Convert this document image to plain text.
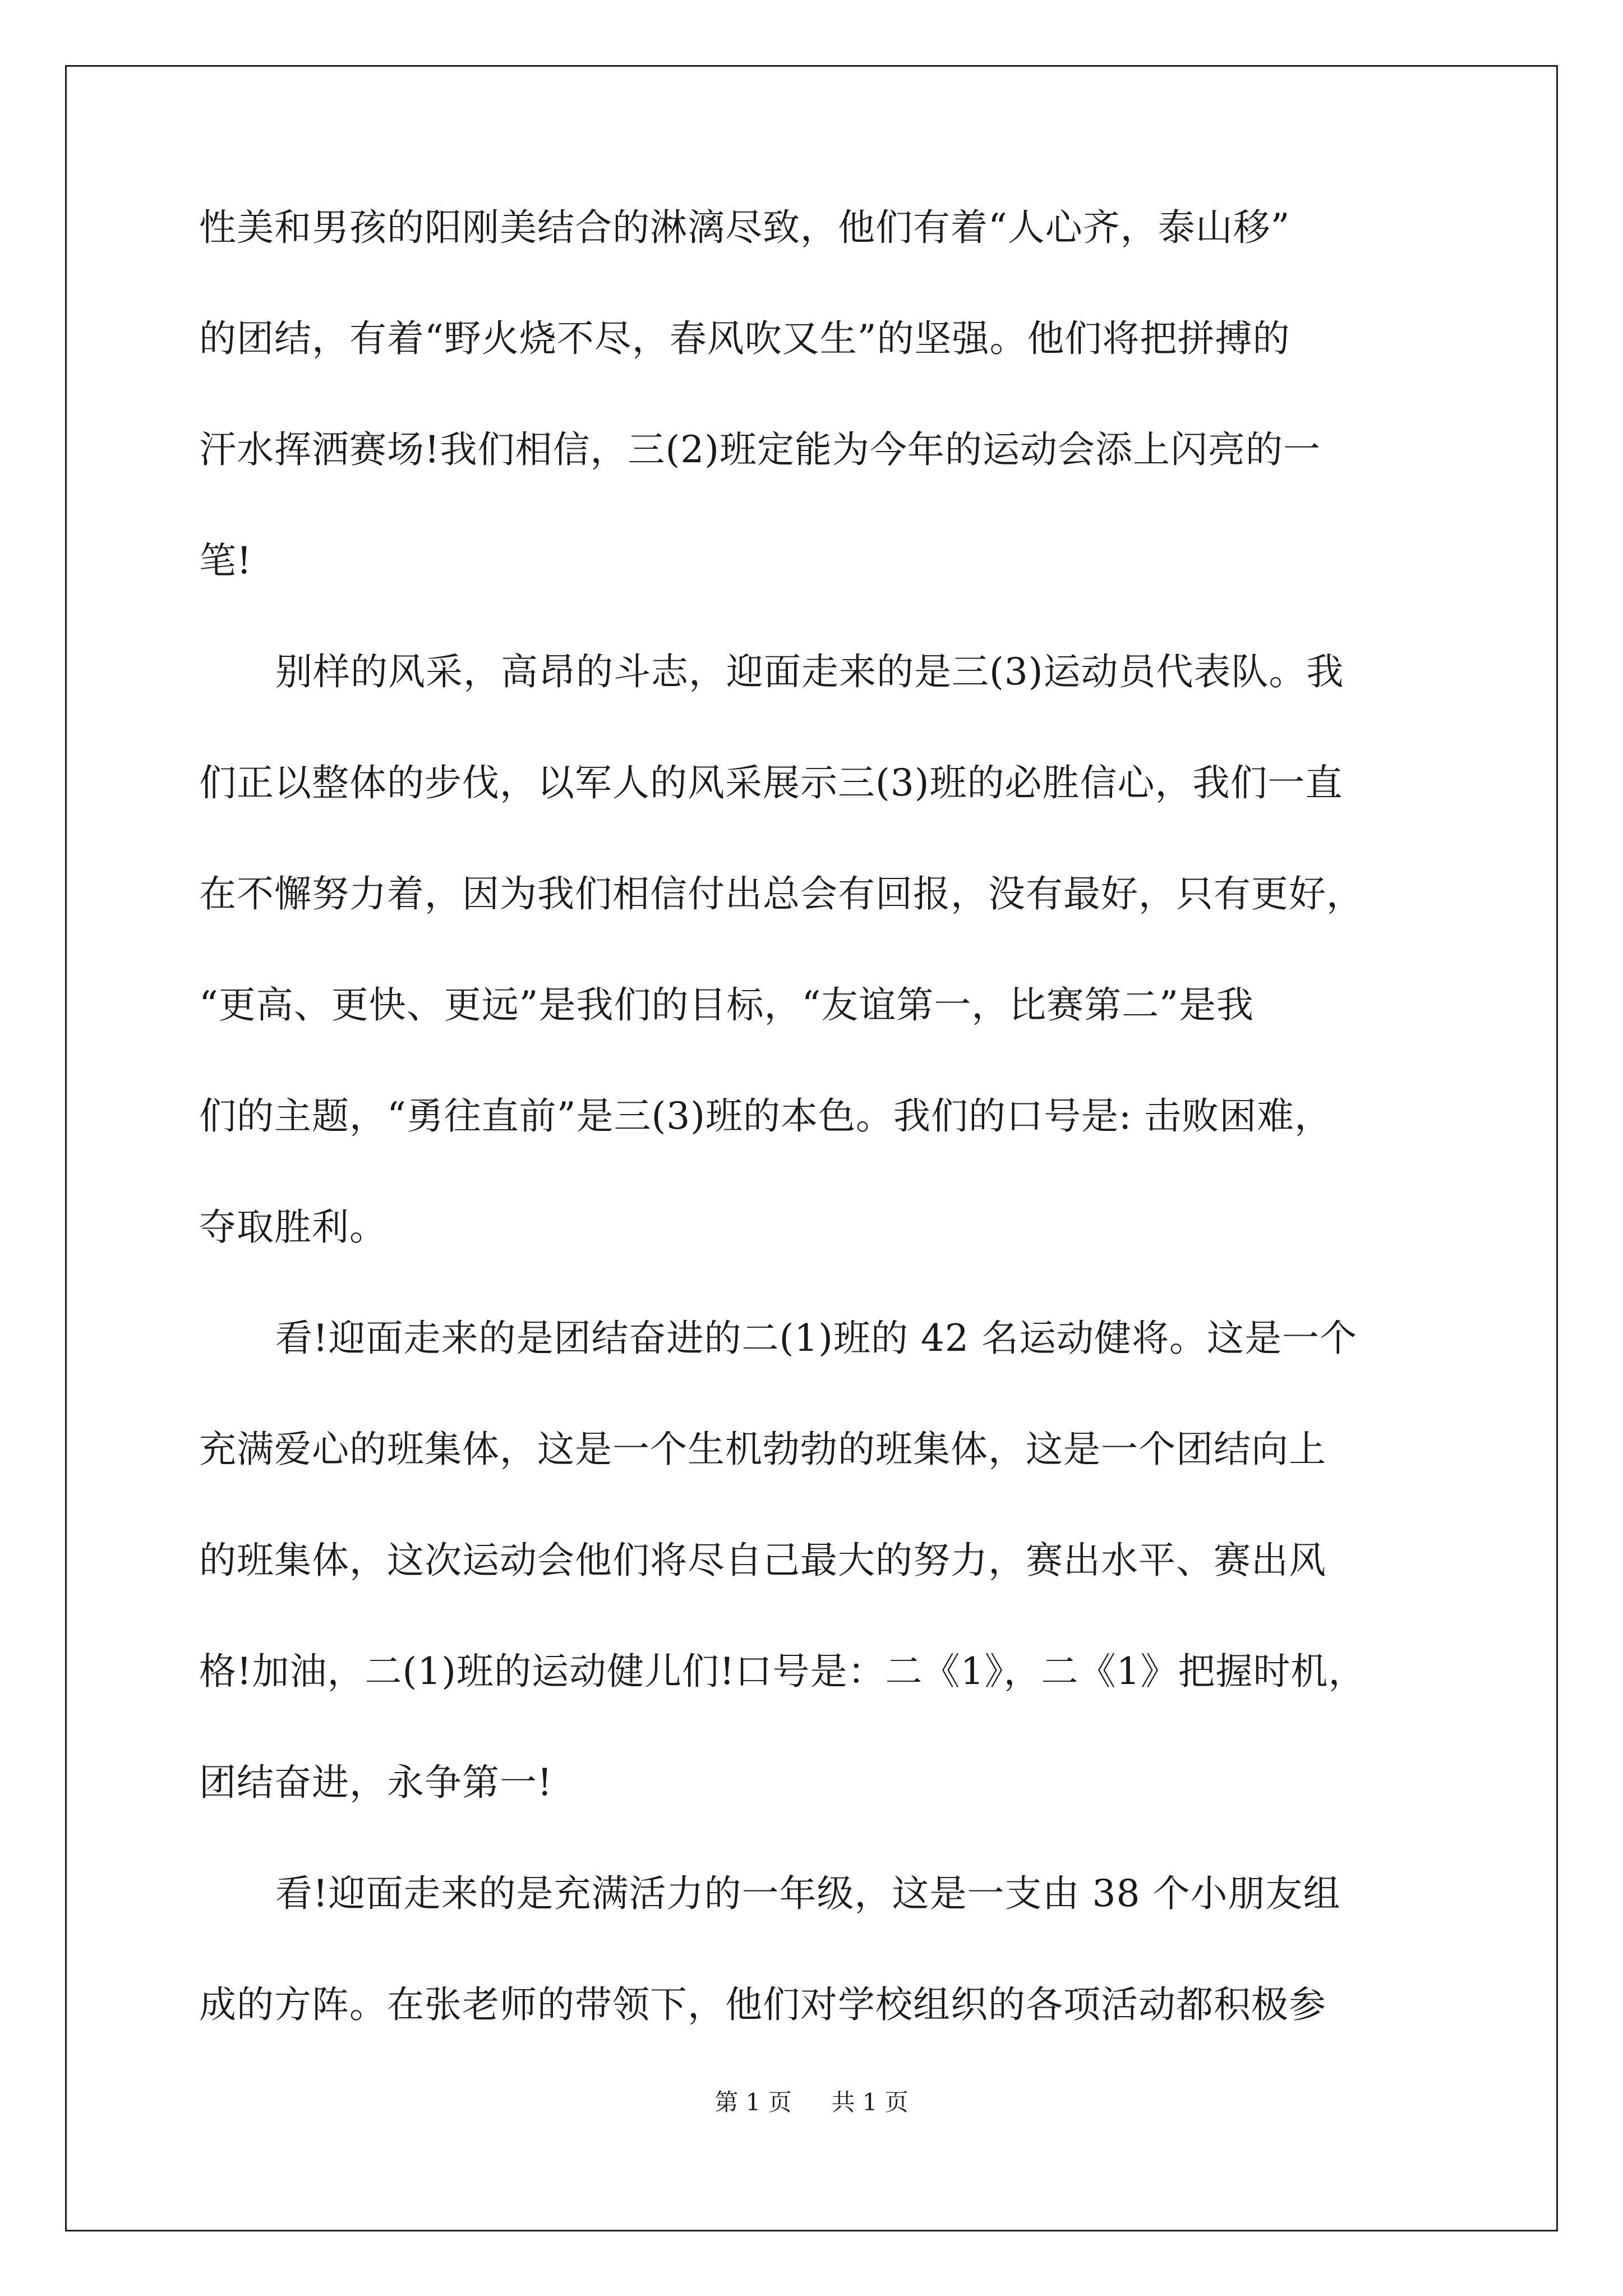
性美和男孩的阳刚美结合的淋漓尽致，他们有着“人心齐，泰山移”
的团结，有着“野火烧不尽，春风吹又生”的坚强。他们将把拼搏的
汗水挥洒赛场!我们相信，三(2)班定能为今年的运动会添上闪亮的一
笔!
别样的风采，高昂的斗志，迎面走来的是三(3)运动员代表队。我
们正以整体的步伐，以军人的风采展示三(3)班的必胜信心，我们一直
在不懈努力着，因为我们相信付出总会有回报，没有最好，只有更好，
“更高、更快、更远”是我们的目标，“友谊第一，比赛第二”是我
们的主题，“勇往直前”是三(3)班的本色。我们的口号是: 击败困难，
夺取胜利。
看!迎面走来的是团结奋进的二(1)班的 42 名运动健将。这是一个
充满爱心的班集体，这是一个生机勃勃的班集体，这是一个团结向上
的班集体，这次运动会他们将尽自己最大的努力，赛出水平、赛出风
格!加油，二(1)班的运动健儿们!口号是：二《1》，二《1》把握时机，
团结奋进，永争第一!
看!迎面走来的是充满活力的一年级，这是一支由 38 个小朋友组
成的方阵。在张老师的带领下，他们对学校组织的各项活动都积极参
第 1 页 共 1 页
